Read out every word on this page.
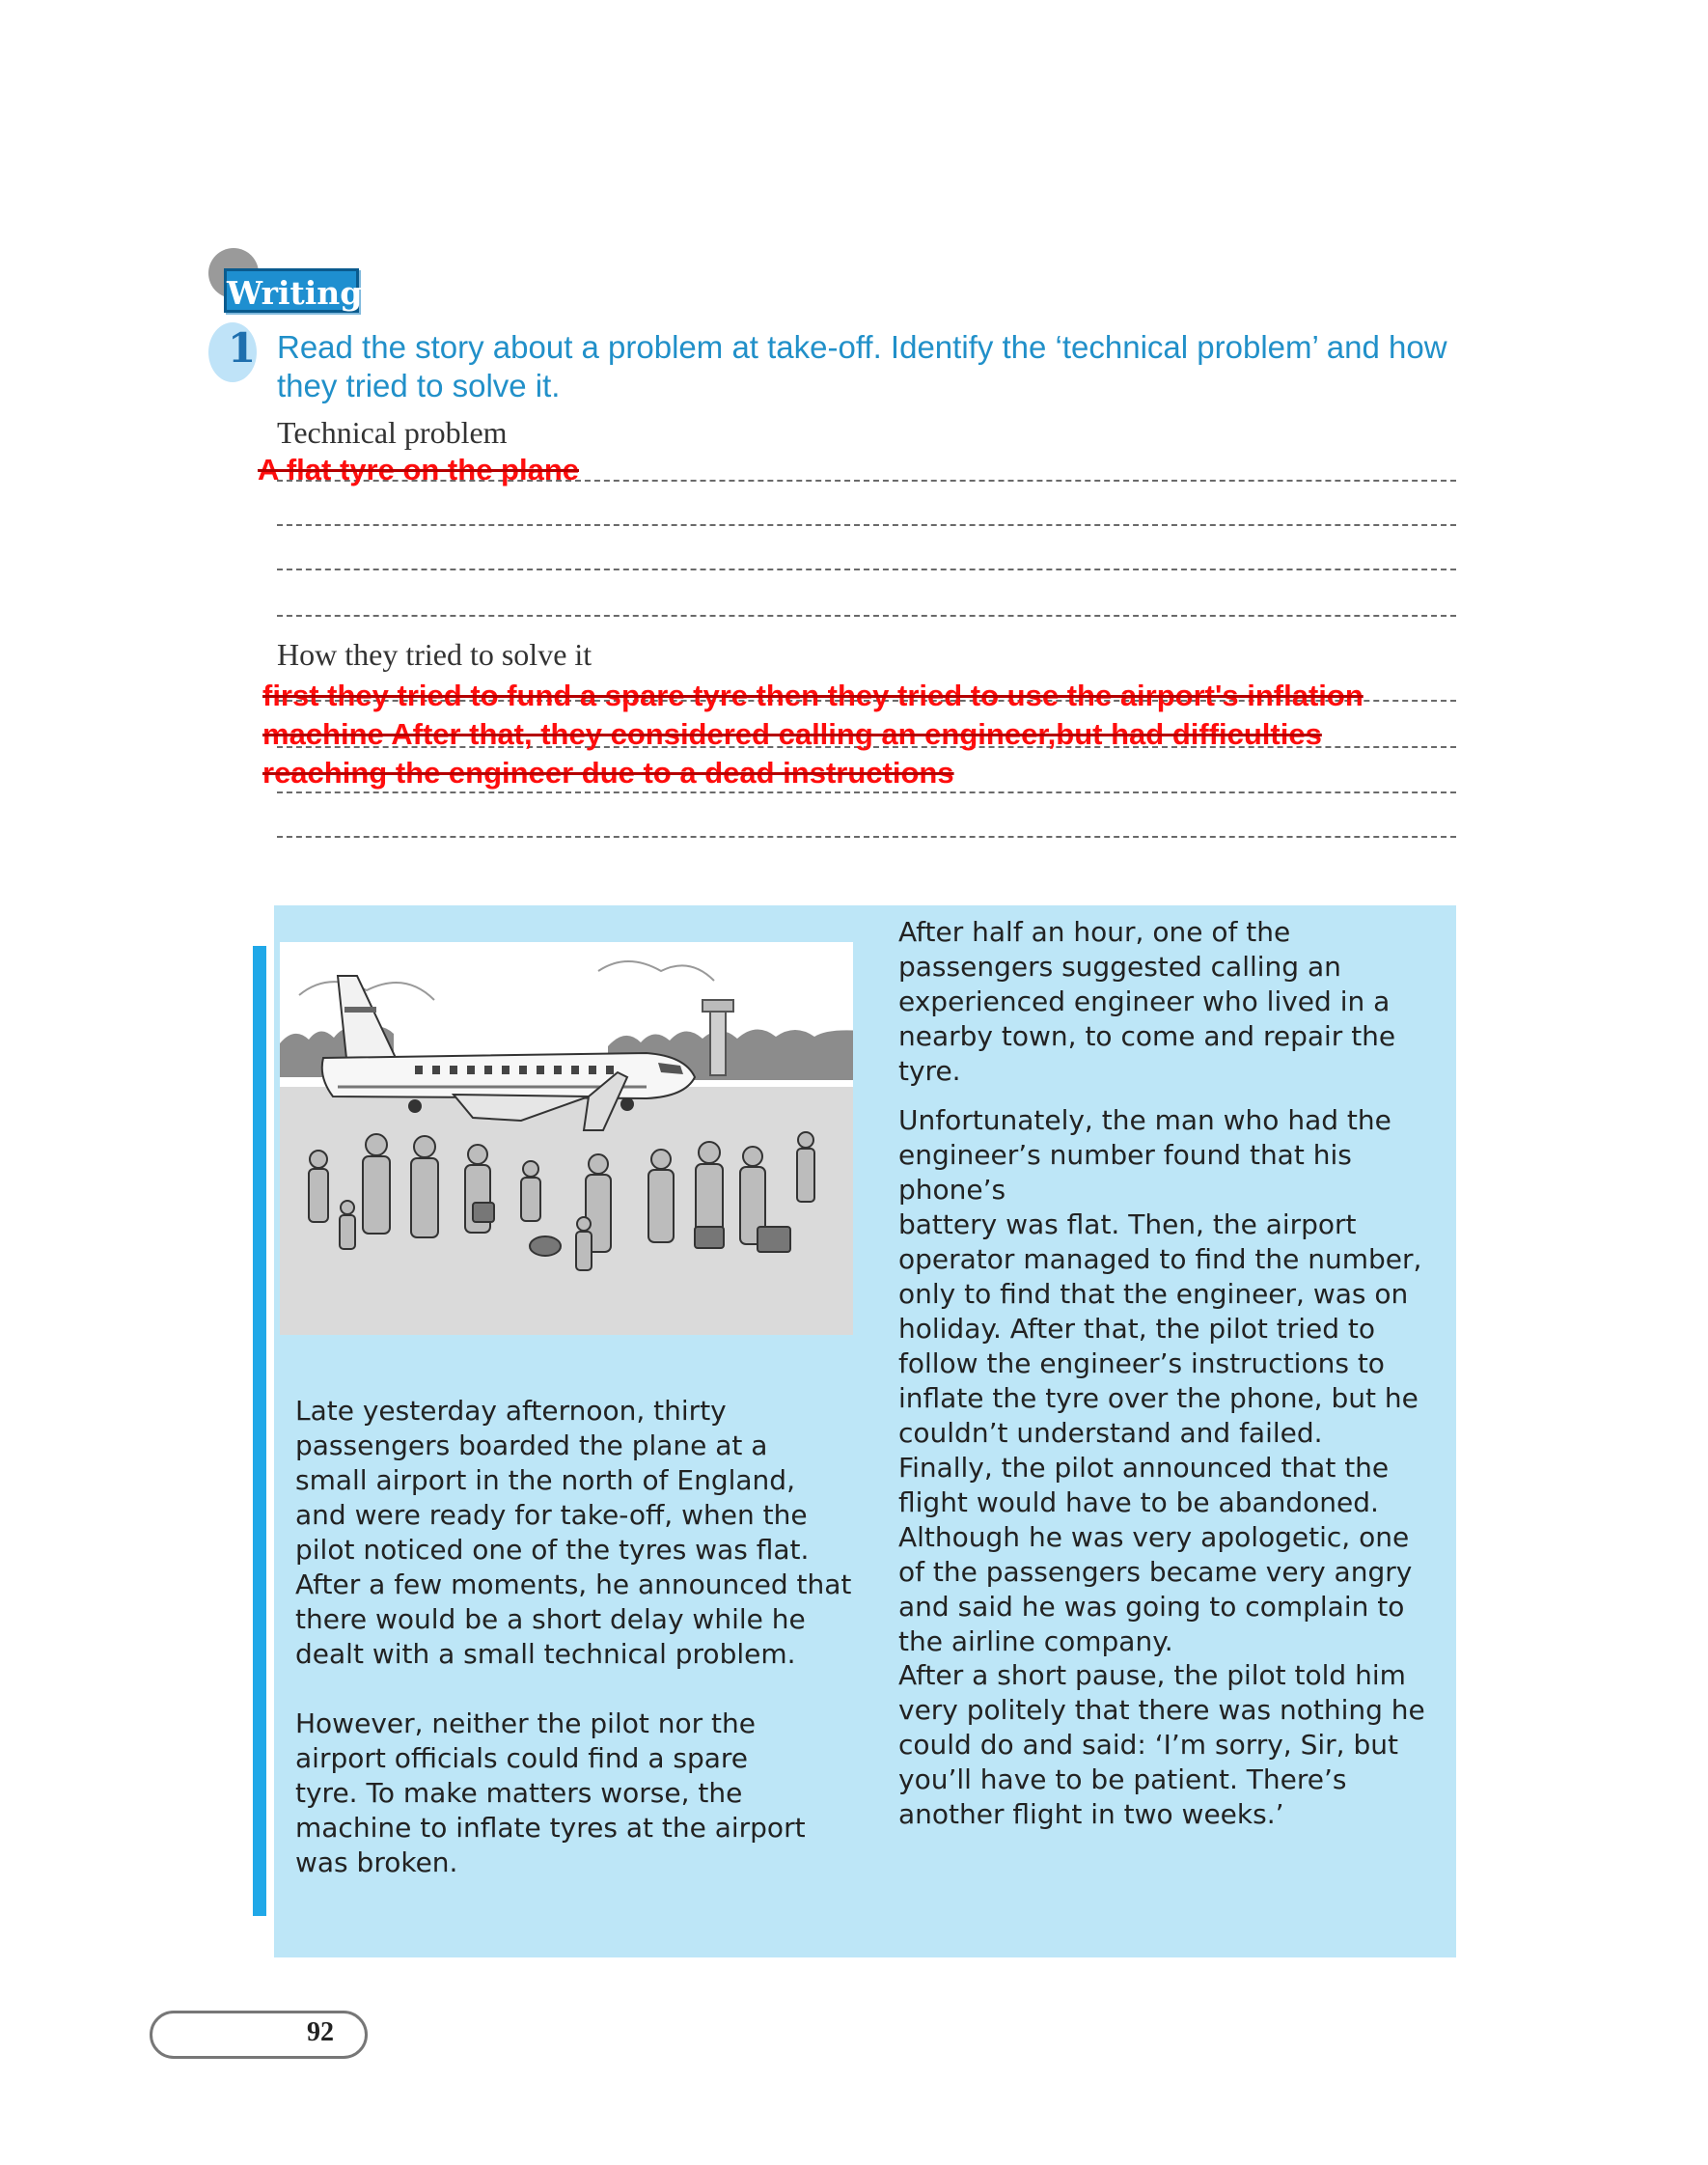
Writing
1 Read the story about a problem at take-off. Identify the ‘technical problem’ and how they tried to solve it.
Technical problem
A flat tyre on the plane
How they tried to solve it
first they tried to fund a spare tyre then they tried to use the airport's inflation
machine After that, they considered calling an engineer,but had difficulties
reaching the engineer due to a dead instructions
Late yesterday afternoon, thirty
passengers boarded the plane at a
small airport in the north of England,
and were ready for take-off, when the
pilot noticed one of the tyres was flat.
After a few moments, he announced that
there would be a short delay while he
dealt with a small technical problem.
However, neither the pilot nor the
airport officials could find a spare
tyre. To make matters worse, the
machine to inflate tyres at the airport
was broken.
After half an hour, one of the
passengers suggested calling an
experienced engineer who lived in a
nearby town, to come and repair the
tyre.
Unfortunately, the man who had the
engineer’s number found that his phone’s
battery was flat. Then, the airport
operator managed to find the number,
only to find that the engineer, was on
holiday. After that, the pilot tried to
follow the engineer’s instructions to
inflate the tyre over the phone, but he
couldn’t understand and failed.
Finally, the pilot announced that the
flight would have to be abandoned.
Although he was very apologetic, one
of the passengers became very angry
and said he was going to complain to
the airline company.
After a short pause, the pilot told him
very politely that there was nothing he
could do and said: ‘I’m sorry, Sir, but
you’ll have to be patient. There’s
another flight in two weeks.’
92
